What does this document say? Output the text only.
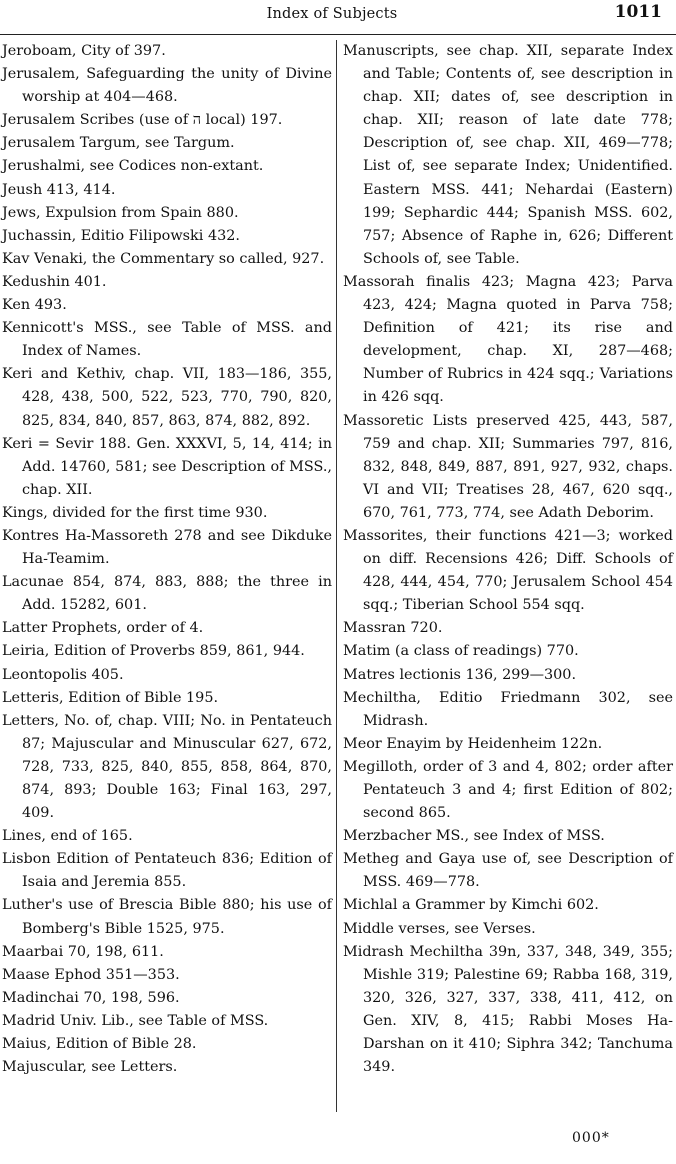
Index of Subjects	1011

Jeroboam, City of 397.

Jerusalem, Safeguarding the unity of Divine worship at 404—468.

Jerusalem Scribes (use of ה local) 197.

Jerusalem Targum, see Targum.

Jerushalmi, see Codices non-extant.

Jeush 413, 414.

Jews, Expulsion from Spain 880.

Juchassin, Editio Filipowski 432.

Kav Venaki, the Commentary so called, 927.

Kedushin 401.

Ken 493.

Kennicott's MSS., see Table of MSS. and Index of Names.

Keri and Kethiv, chap. VII, 183—186, 355, 428, 438, 500, 522, 523, 770, 790, 820, 825, 834, 840, 857, 863, 874, 882, 892.

Keri = Sevir 188. Gen. XXXVI, 5, 14, 414; in Add. 14760, 581; see Description of MSS., chap. XII.

Kings, divided for the first time 930.

Kontres Ha-Massoreth 278 and see Dikduke Ha-Teamim.

Lacunae 854, 874, 883, 888; the three in Add. 15282, 601.

Latter Prophets, order of 4.

Leiria, Edition of Proverbs 859, 861, 944.

Leontopolis 405.

Letteris, Edition of Bible 195.

Letters, No. of, chap. VIII; No. in Pentateuch 87; Majuscular and Minuscular 627, 672, 728, 733, 825, 840, 855, 858, 864, 870, 874, 893; Double 163; Final 163, 297, 409.

Lines, end of 165.

Lisbon Edition of Pentateuch 836; Edition of Isaia and Jeremia 855.

Luther's use of Brescia Bible 880; his use of Bomberg's Bible 1525, 975.

Maarbai 70, 198, 611.

Maase Ephod 351—353.

Madinchai 70, 198, 596.

Madrid Univ. Lib., see Table of MSS.

Maius, Edition of Bible 28.

Majuscular, see Letters.

Manuscripts, see chap. XII, separate Index and Table; Contents of, see description in chap. XII; dates of, see description in chap. XII; reason of late date 778; Description of, see chap. XII, 469—778; List of, see separate Index; Unidentified. Eastern MSS. 441; Nehardai (Eastern) 199; Sephardic 444; Spanish MSS. 602, 757; Absence of Raphe in, 626; Different Schools of, see Table.

Massorah finalis 423; Magna 423; Parva 423, 424; Magna quoted in Parva 758; Definition of 421; its rise and development, chap. XI, 287—468; Number of Rubrics in 424 sqq.; Variations in 426 sqq.

Massoretic Lists preserved 425, 443, 587, 759 and chap. XII; Summaries 797, 816, 832, 848, 849, 887, 891, 927, 932, chaps. VI and VII; Treatises 28, 467, 620 sqq., 670, 761, 773, 774, see Adath Deborim.

Massorites, their functions 421—3; worked on diff. Recensions 426; Diff. Schools of 428, 444, 454, 770; Jerusalem School 454 sqq.; Tiberian School 554 sqq.

Massran 720.

Matim (a class of readings) 770.

Matres lectionis 136, 299—300.

Mechiltha, Editio Friedmann 302, see Midrash.

Meor Enayim by Heidenheim 122n.

Megilloth, order of 3 and 4, 802; order after Pentateuch 3 and 4; first Edition of 802; second 865.

Merzbacher MS., see Index of MSS.

Metheg and Gaya use of, see Description of MSS. 469—778.

Michlal a Grammer by Kimchi 602.

Middle verses, see Verses.

Midrash Mechiltha 39n, 337, 348, 349, 355; Mishle 319; Palestine 69; Rabba 168, 319, 320, 326, 327, 337, 338, 411, 412, on Gen. XIV, 8, 415; Rabbi Moses Ha-Darshan on it 410; Siphra 342; Tanchuma 349.

000*
